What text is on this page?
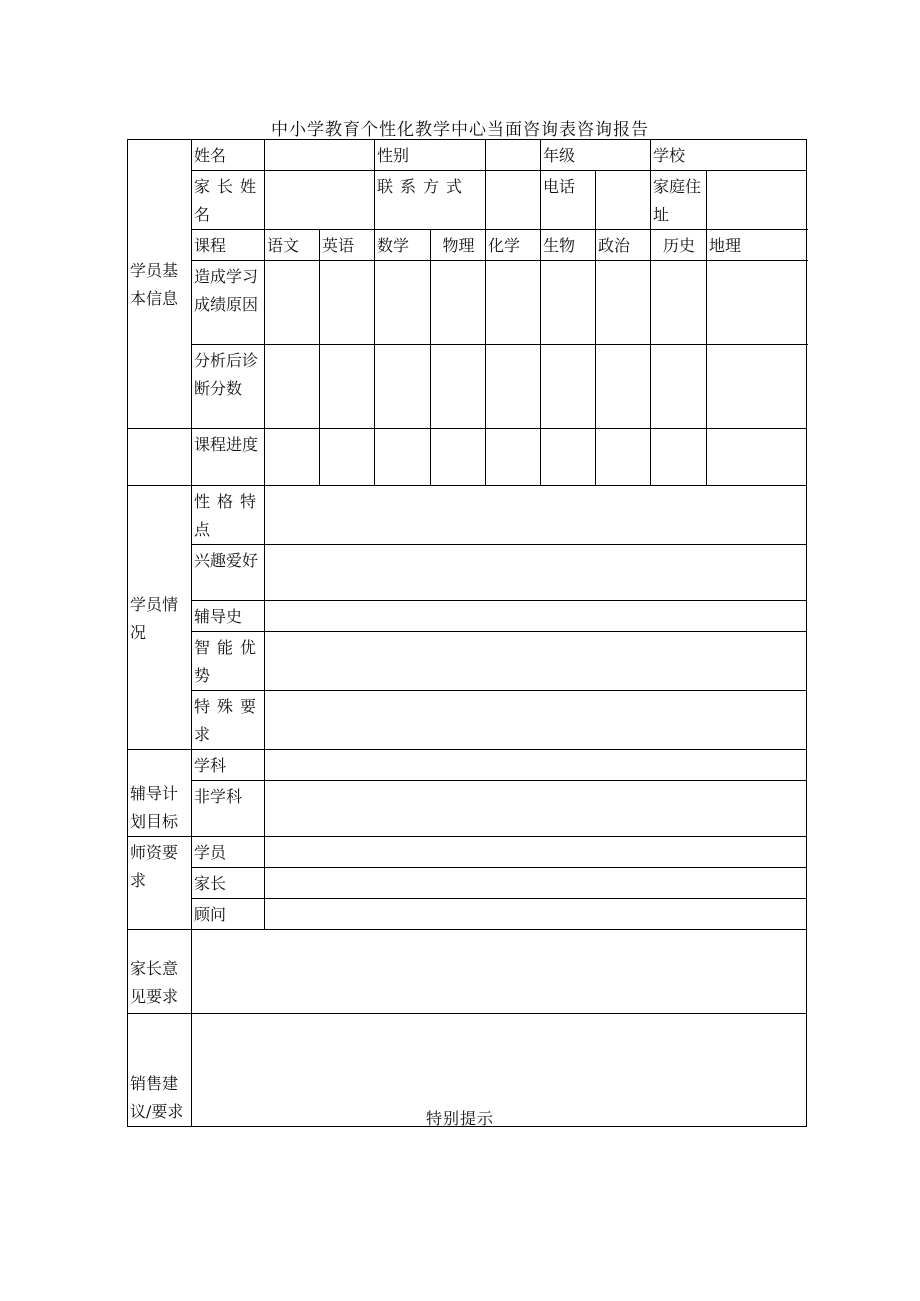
中小学教育个性化教学中心当面咨询表咨询报告
学员基本信息	姓名			性别			年级		学校	
	家长姓名			联系方式			电话		家庭住址	
	课程	语文	英语	数学	物理	化学	生物	政治	历史	地理
	造成学习成绩原因									
	分析后诊断分数									
	课程进度									
学员情况	性格特点									
	兴趣爱好									
	辅导史									
	智能优势									
	特殊要求									
辅导计划目标	学科									
	非学科									
师资要求	学员									
	家长									
	顾问									
家长意见要求										
销售建议/要求											特别提示
